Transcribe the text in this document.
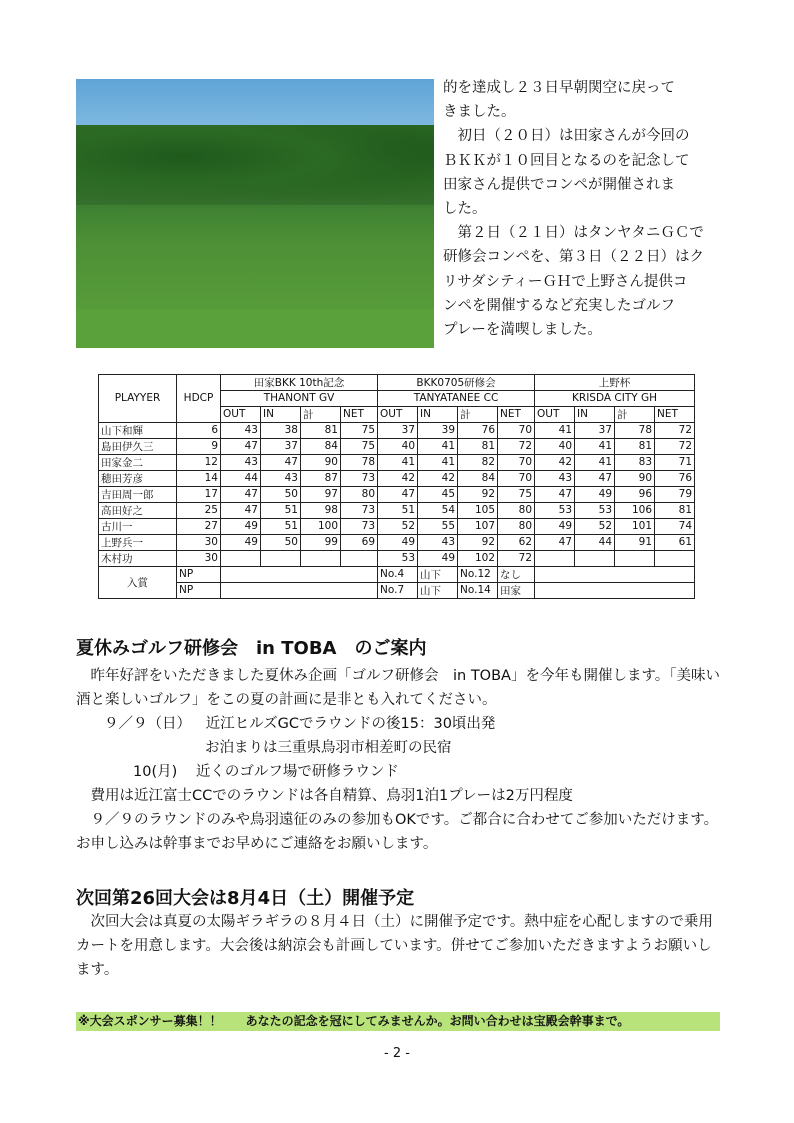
的を達成し２３日早朝関空に戻って

きました。

初日（２０日）は田家さんが今回の

ＢＫＫが１０回目となるのを記念して

田家さん提供でコンペが開催されま

した。

第２日（２１日）はタンヤタニＧＣで

研修会コンペを、第３日（２２日）はク

リサダシティーＧＨで上野さん提供コ

ンペを開催するなど充実したゴルフ

プレーを満喫しました。

PLAYYER	HDCP	田家BKK 10th記念				BKK0705研修会				上野杯			
		THANONT GV				TANYATANEE CC				KRISDA CITY GH			
		OUT	IN	計	NET	OUT	IN	計	NET	OUT	IN	計	NET
山下和輝	6	43	38	81	75	37	39	76	70	41	37	78	72
島田伊久三	9	47	37	84	75	40	41	81	72	40	41	81	72
田家金二	12	43	47	90	78	41	41	82	70	42	41	83	71
穂田芳彦	14	44	43	87	73	42	42	84	70	43	47	90	76
吉田周一郎	17	47	50	97	80	47	45	92	75	47	49	96	79
高田好之	25	47	51	98	73	51	54	105	80	53	53	106	81
古川一	27	49	51	100	73	52	55	107	80	49	52	101	74
上野兵一	30	49	50	99	69	49	43	92	62	47	44	91	61
木村功	30					53	49	102	72				
入賞	NP					No.4	山下	No.12	なし				
	NP					No.7	山下	No.14	田家				
夏休みゴルフ研修会　in TOBA　のご案内

昨年好評をいただきました夏休み企画「ゴルフ研修会　in TOBA」を今年も開催します。「美味い酒と楽しいゴルフ」をこの夏の計画に是非とも入れてください。

９／９（日） 近江ヒルズGCでラウンドの後15：30頃出発
お泊まりは三重県鳥羽市相差町の民宿
10(月) 近くのゴルフ場で研修ラウンド

費用は近江富士CCでのラウンドは各自精算、鳥羽1泊1プレーは2万円程度

９／９のラウンドのみや鳥羽遠征のみの参加もOKです。ご都合に合わせてご参加いただけます。お申し込みは幹事までお早めにご連絡をお願いします。

次回第26回大会は8月4日（土）開催予定

次回大会は真夏の太陽ギラギラの８月４日（土）に開催予定です。熱中症を心配しますので乗用カートを用意します。大会後は納涼会も計画しています。併せてご参加いただきますようお願いします。

※大会スポンサー募集！！　　あなたの記念を冠にしてみませんか。お問い合わせは宝殿会幹事まで。
- 2 -
